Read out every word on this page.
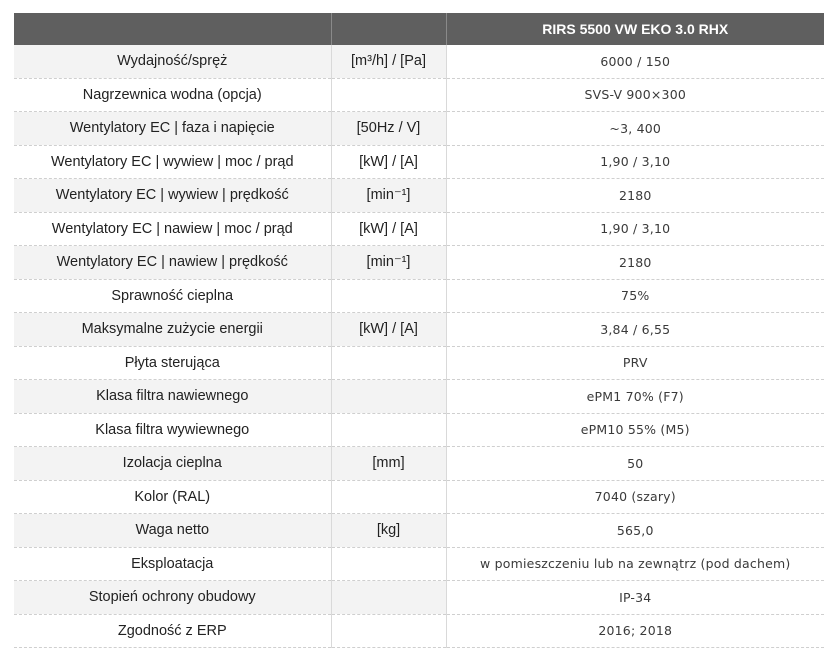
		RIRS 5500 VW EKO 3.0 RHX
Wydajność/spręż	[m³/h] / [Pa]	6000 / 150
Nagrzewnica wodna (opcja)		SVS-V 900×300
Wentylatory EC | faza i napięcie	[50Hz / V]	~3, 400
Wentylatory EC | wywiew | moc / prąd	[kW] / [A]	1,90 / 3,10
Wentylatory EC | wywiew | prędkość	[min⁻¹]	2180
Wentylatory EC | nawiew | moc / prąd	[kW] / [A]	1,90 / 3,10
Wentylatory EC | nawiew | prędkość	[min⁻¹]	2180
Sprawność cieplna		75%
Maksymalne zużycie energii	[kW] / [A]	3,84 / 6,55
Płyta sterująca		PRV
Klasa filtra nawiewnego		ePM1 70% (F7)
Klasa filtra wywiewnego		ePM10 55% (M5)
Izolacja cieplna	[mm]	50
Kolor (RAL)		7040 (szary)
Waga netto	[kg]	565,0
Eksploatacja		w pomieszczeniu lub na zewnątrz (pod dachem)
Stopień ochrony obudowy		IP-34
Zgodność z ERP		2016; 2018
